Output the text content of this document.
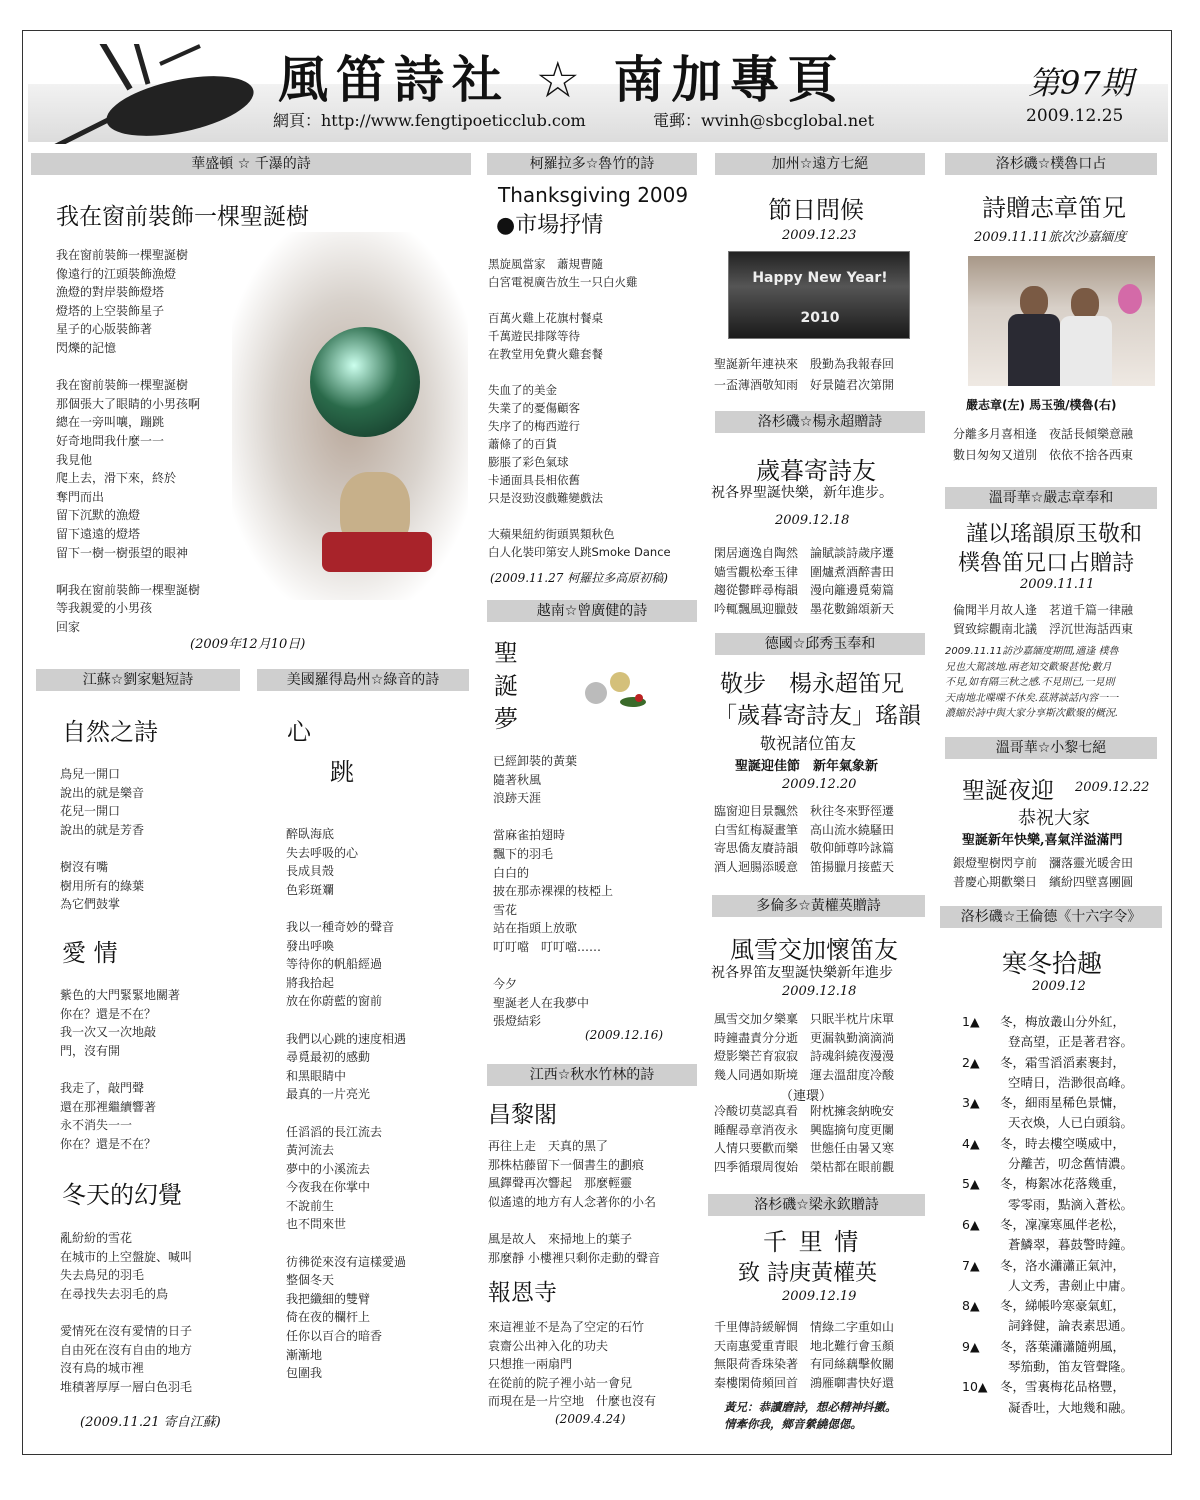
風笛詩社 ☆ 南加專頁	第97期
2009.12.25
網頁：http://www.fengtipoeticclub.com	電郵：wvinh@sbcglobal.net
華盛頓 ☆ 千瀑的詩
我在窗前裝飾一棵聖誕樹
我在窗前裝飾一棵聖誕樹
像遠行的江頭裝飾漁燈
漁燈的對岸裝飾燈塔
燈塔的上空裝飾星子
星子的心版裝飾著
閃爍的記憶

我在窗前裝飾一棵聖誕樹
那個張大了眼睛的小男孩啊
總在一旁叫嚷，蹦跳
好奇地問我什麼一一
我見他
爬上去，滑下來，終於
奪門而出
留下沉默的漁燈
留下遠遠的燈塔
留下一樹一樹張望的眼神

啊我在窗前裝飾一棵聖誕樹
等我親愛的小男孩
回家
(2009年12月10日)
江蘇☆劉家魁短詩
自然之詩
鳥兒一開口
說出的就是樂音
花兒一開口
說出的就是芳香

樹沒有嘴
樹用所有的綠葉
為它們鼓掌
愛 情
紫色的大門緊緊地關著
你在？還是不在？
我一次又一次地敲
門，沒有開

我走了，敲門聲
還在那裡繼續響著
永不消失一一
你在？還是不在？
冬天的幻覺
亂紛紛的雪花
在城市的上空盤旋、喊叫
失去鳥兒的羽毛
在尋找失去羽毛的鳥

愛情死在沒有愛情的日子
自由死在沒有自由的地方
沒有鳥的城市裡
堆積著厚厚一層白色羽毛
(2009.11.21 寄自江蘇)
美國羅得島州☆綠音的詩
心
跳
醉臥海底
失去呼吸的心
長成貝殼
色彩斑斕

我以一種奇妙的聲音
發出呼喚
等待你的帆船經過
將我拾起
放在你蔚藍的窗前

我們以心跳的速度相遇
尋覓最初的感動
和黑眼睛中
最真的一片亮光

任滔滔的長江流去
黃河流去
夢中的小溪流去
今夜我在你掌中
不說前生
也不問來世

彷彿從來沒有這樣愛過
整個冬天
我把纖細的雙臂
倚在夜的欄杆上
任你以百合的暗香
漸漸地
包圍我
柯羅拉多☆魯竹的詩
Thanksgiving 2009
●市場抒情
黑旋風當家　蕭規曹隨
白宮電視廣告放生一只白火雞

百萬火雞上花旗村餐桌
千萬遊民排隊等待
在教堂用免費火雞套餐

失血了的美金
失業了的憂傷顧客
失序了的梅西遊行
蕭條了的百貨
膨脹了彩色氣球
卡通面具長相依舊
只是沒勁沒戲難變戲法

大蘋果紐約街頭異類秋色
白人化裝印第安人跳Smoke Dance
(2009.11.27 柯羅拉多高原初稿)
越南☆曾廣健的詩
聖
誕
夢
已經卸裝的黃葉
隨著秋風
浪跡天涯

當麻雀拍翅時
飄下的羽毛
白白的
披在那赤裸裸的枝椏上
雪花
站在指頭上放歌
叮叮噹　叮叮噹……

今夕
聖誕老人在我夢中
張燈結彩
(2009.12.16)
江西☆秋水竹林的詩
昌黎閣
再往上走　天真的黑了
那株枯藤留下一個書生的劃痕
風鐸聲再次響起　那麼輕靈
似遙遠的地方有人念著你的小名

風是故人　來掃地上的葉子
那麼靜 小樓裡只剩你走動的聲音
報恩寺
來這裡並不是為了空定的石竹
袁齋公出神入化的功夫
只想推一兩扇門
在從前的院子裡小站一會兒
而現在是一片空地　什麼也沒有
(2009.4.24)
加州☆遠方七絕
節日問候
2009.12.23
Happy New Year! 2010
聖誕新年連袂來　殷勤為我報春回
一盃薄酒敬知雨　好景隨君次第開
洛杉磯☆楊永超贈詩
歲暮寄詩友
祝各界聖誕快樂，新年進步。
2009.12.18
閑居適逸自陶然　論賦談詩歲序遷
嫱雪觀松牽玉律　圍爐煮酒醉書田
趨從鬱畔尋梅韻　漫向籬邊覓菊篇
吟輒飄風迎臘鼓　墨花數錦頌新天
德國☆邱秀玉奉和
敬步　楊永超笛兄
「歲暮寄詩友」瑤韻
敬祝諸位笛友
聖誕迎佳節　新年氣象新
2009.12.20
臨窗迎目景飄然　秋往冬來野徑遷
白雪紅梅凝畫筆　高山流水繞騷田
寄思僑友賡詩韻　敬仰師尊吟詠篇
酒人迴腸添暖意　笛揚臘月接藍天
多倫多☆黃權英贈詩
風雪交加懷笛友
祝各界笛友聖誕快樂新年進步
2009.12.18
風雪交加夕樂稟　只眠半枕片床單
時鐘盡責分分逝　更漏執勤滴滴淌
燈影樂芒育寂寂　詩魂斜繞夜漫漫
幾人同遇如斯境　運去溫甜度冷酸
（連環）
冷酸切莫認真看　附枕擁衾納晚安
睡醒尋章消夜永　興臨摘句度更闌
人情只要歡而樂　世態任由暑又寒
四季循環周復始　榮枯都在眼前觀
洛杉磯☆梁永欽贈詩
千 里 情
致 詩庚黃權英
2009.12.19
千里傳詩緩解惆　情綠二字重如山
天南惠愛重青眼　地北難行會玉顏
無限荷香珠染著　有同絲藕擊攸關
秦樓閑倚頻回首　鴻雁啣書快好還
黃兄：恭讀磨詩，想必精神抖擻。
情牽你我，鄉音縈繞偲偲。
洛杉磯☆樸魯口占
詩贈志章笛兄
2009.11.11旅次沙嘉緬度
嚴志章(左) 馬玉強/樸魯(右)
分離多月喜相逢　夜話長傾樂意融
數日匆匆又道別　依依不捨各西東
溫哥華☆嚴志章奉和
謹以瑤韻原玉敬和
樸魯笛兄口占贈詩
2009.11.11
倫聞半月故人逢　茗道千篇一律融
貿致綜觀南北議　浮沉世海話西東
2009.11.11訪沙嘉緬度期間,適逢 樸魯
兄也大駕該地.兩老知交歡聚甚悅;數月
不見,如有隔三秋之感.不見則已,一見則
天南地北喋喋不休矣.茲將談話內容一一
濃縮於詩中與大家分享斯次歡聚的概況.
溫哥華☆小黎七絕
聖誕夜迎 2009.12.22
恭祝大家
聖誕新年快樂,喜氣洋溢滿門
銀燈聖樹閃亨前　瀰落靈光暖舍田
普慶心期歡樂日　繽紛四壁喜團圓
洛杉磯☆王倫德《十六字令》
寒冬拾趣
2009.12
1▲

2▲

3▲

4▲

5▲

6▲

7▲

8▲

9▲

10▲
冬，梅放叢山分外紅，
登高望，正是著君容。
冬，霜雪滔滔素裹封，
空晴日，浩渺很高峰。
冬，細雨星稀色景慵，
天衣煥，人已白頭翁。
冬，時去樓空嘆威中，
分離苦，叨念舊情濃。
冬，梅絮冰花落幾重，
零零雨，點滴入蒼松。
冬，凜凜寒風伴老松，
蒼鱗翠，暮鼓警時鐘。
冬，洛水瀟瀟正氣沖，
人文秀，書劍止中庸。
冬，綈帳吟寒豪氣虹，
詞鋒健，論表素思通。
冬，落葉瀟瀟隨朔風，
琴笳動，笛友管聲隆。
冬，雪裏梅花品格豐，
凝香吐，大地幾和融。
